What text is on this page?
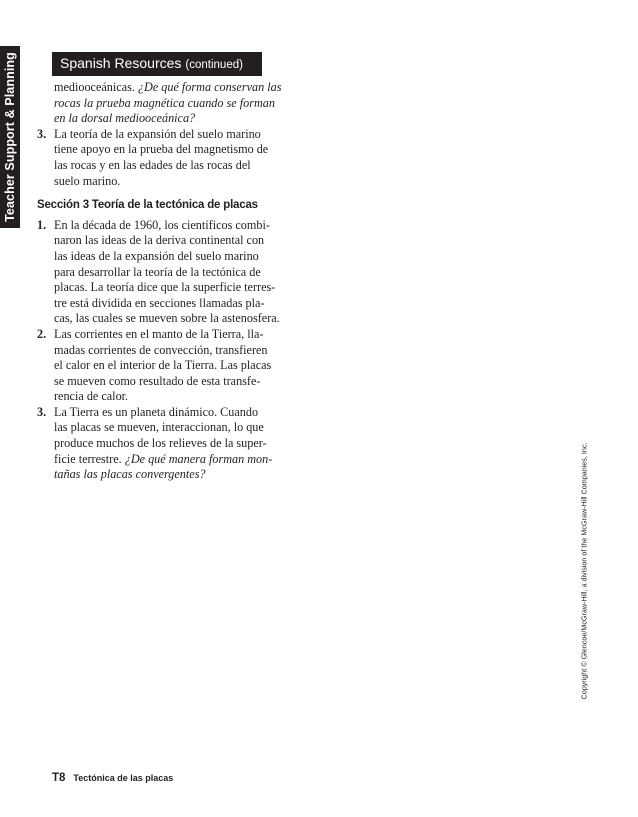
Teacher Support & Planning	Spanish Resources (continued)
mediooceánicas. ¿De qué forma conservan las
rocas la prueba magnética cuando se forman
en la dorsal mediooceánica?
3. La teoría de la expansión del suelo marino
tiene apoyo en la prueba del magnetismo de
las rocas y en las edades de las rocas del
suelo marino.
Sección 3 Teoría de la tectónica de placas
1. En la década de 1960, los científicos combi-
naron las ideas de la deriva continental con
las ideas de la expansión del suelo marino
para desarrollar la teoría de la tectónica de
placas. La teoría dice que la superficie terres-
tre está dividida en secciones llamadas pla-
cas, las cuales se mueven sobre la astenosfera.
2. Las corrientes en el manto de la Tierra, lla-
madas corrientes de convección, transfieren
el calor en el interior de la Tierra. Las placas
se mueven como resultado de esta transfe-
rencia de calor.
3. La Tierra es un planeta dinámico. Cuando
las placas se mueven, interaccionan, lo que
produce muchos de los relieves de la super-
ficie terrestre. ¿De qué manera forman mon-
tañas las placas convergentes?	Copyright © Glencoe/McGraw-Hill, a division of the McGraw-Hill Companies, Inc.
T8 Tectónica de las placas
